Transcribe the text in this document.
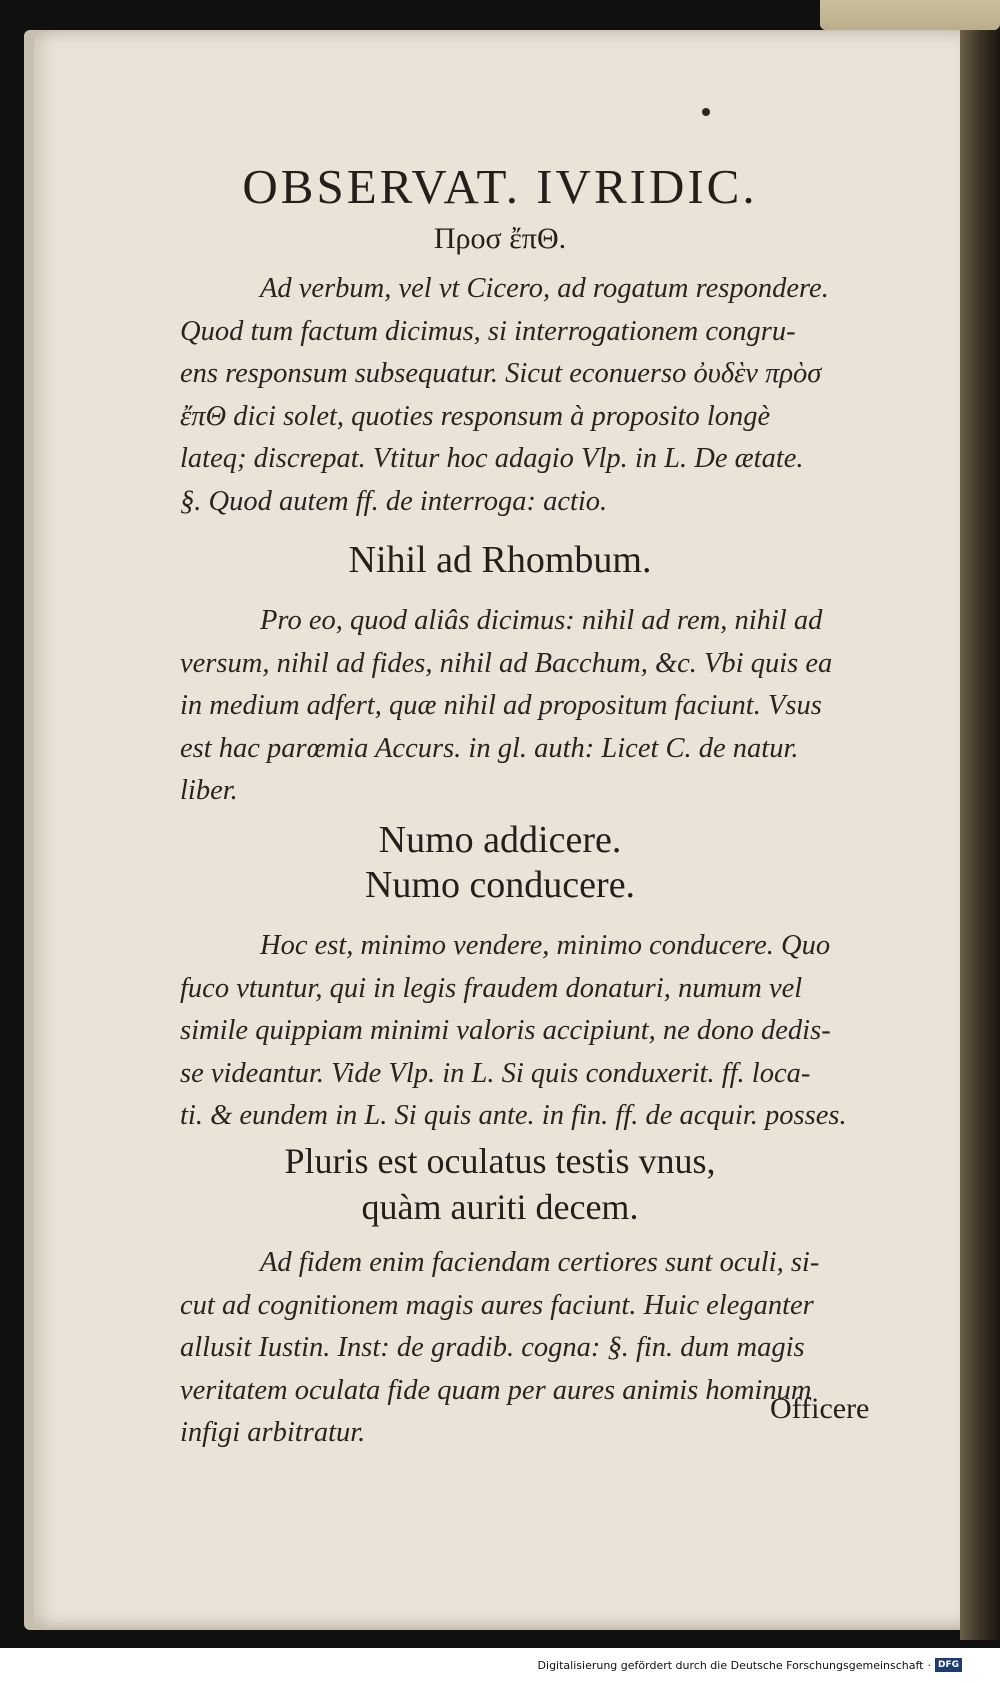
OBSERVAT. IVRIDIC.
Προσ ἔπΘ.

Ad verbum, vel vt Cicero, ad rogatum respondere.
Quod tum factum dicimus, si interrogationem congru-
ens responsum subsequatur. Sicut econuerso ὀυδὲν πρὸσ
ἔπΘ dici solet, quoties responsum à proposito longè
lateq; discrepat. Vtitur hoc adagio Vlp. in L. De ætate.
§. Quod autem ff. de interroga: actio.

Nihil ad Rhombum.

Pro eo, quod aliâs dicimus: nihil ad rem, nihil ad
versum, nihil ad fides, nihil ad Bacchum, &c. Vbi quis ea
in medium adfert, quæ nihil ad propositum faciunt. Vsus
est hac parœmia Accurs. in gl. auth: Licet C. de natur.
liber.

Numo addicere.
Numo conducere.

Hoc est, minimo vendere, minimo conducere. Quo
fuco vtuntur, qui in legis fraudem donaturi, numum vel
simile quippiam minimi valoris accipiunt, ne dono dedis-
se videantur. Vide Vlp. in L. Si quis conduxerit. ff. loca-
ti. & eundem in L. Si quis ante. in fin. ff. de acquir. posses.

Pluris est oculatus testis vnus,
quàm auriti decem.

Ad fidem enim faciendam certiores sunt oculi, si-
cut ad cognitionem magis aures faciunt. Huic eleganter
allusit Iustin. Inst: de gradib. cogna: §. fin. dum magis
veritatem oculata fide quam per aures animis hominum
infigi arbitratur.

Officere
Digitalisierung gefördert durch die Deutsche Forschungsgemeinschaft · DFG
